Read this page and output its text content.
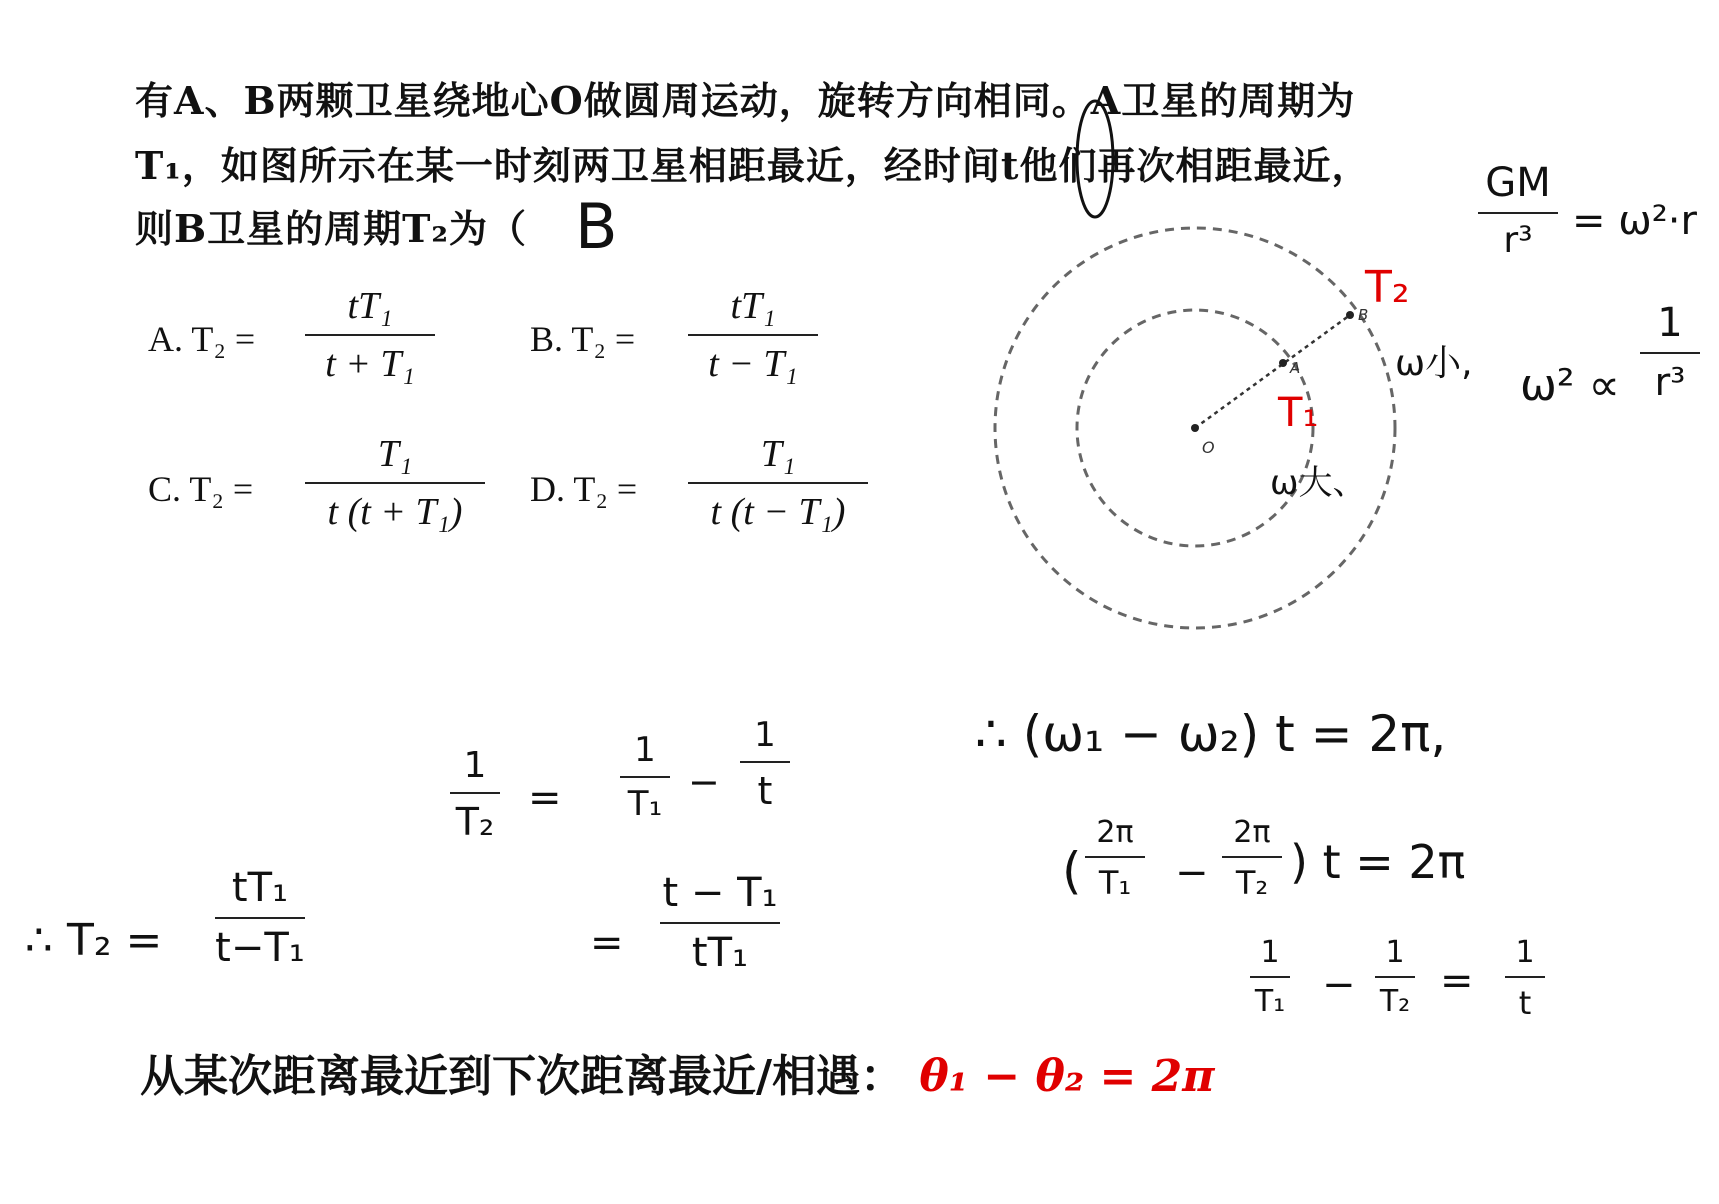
有A、B两颗卫星绕地心O做圆周运动，旋转方向相同。A卫星的周期为
T₁，如图所示在某一时刻两卫星相距最近，经时间t他们再次相距最近，
则B卫星的周期T₂为（ B
A. T₂ =
tT₁
t + T₁
B. T₂ =
tT₁
t − T₁
C. T₂ =
T₁
t (t + T₁)
D. T₂ =
T₁
t (t − T₁)
O
A
B
T₂
ω小,
T₁
ω大、
GM
r³ = ω²·r
ω² ∝
1
r³
∴ (ω₁ − ω₂) t = 2π,
(
2π
T₁	−
2π
T₂ ) t = 2π
1
T₁ −
1
T₂ =
1
t
1
T₂
=
1
T₁ −
1
t
=
t − T₁
tT₁
∴ T₂ =
tT₁
t−T₁
从某次距离最近到下次距离最近/相遇： θ₁ − θ₂ = 2π
